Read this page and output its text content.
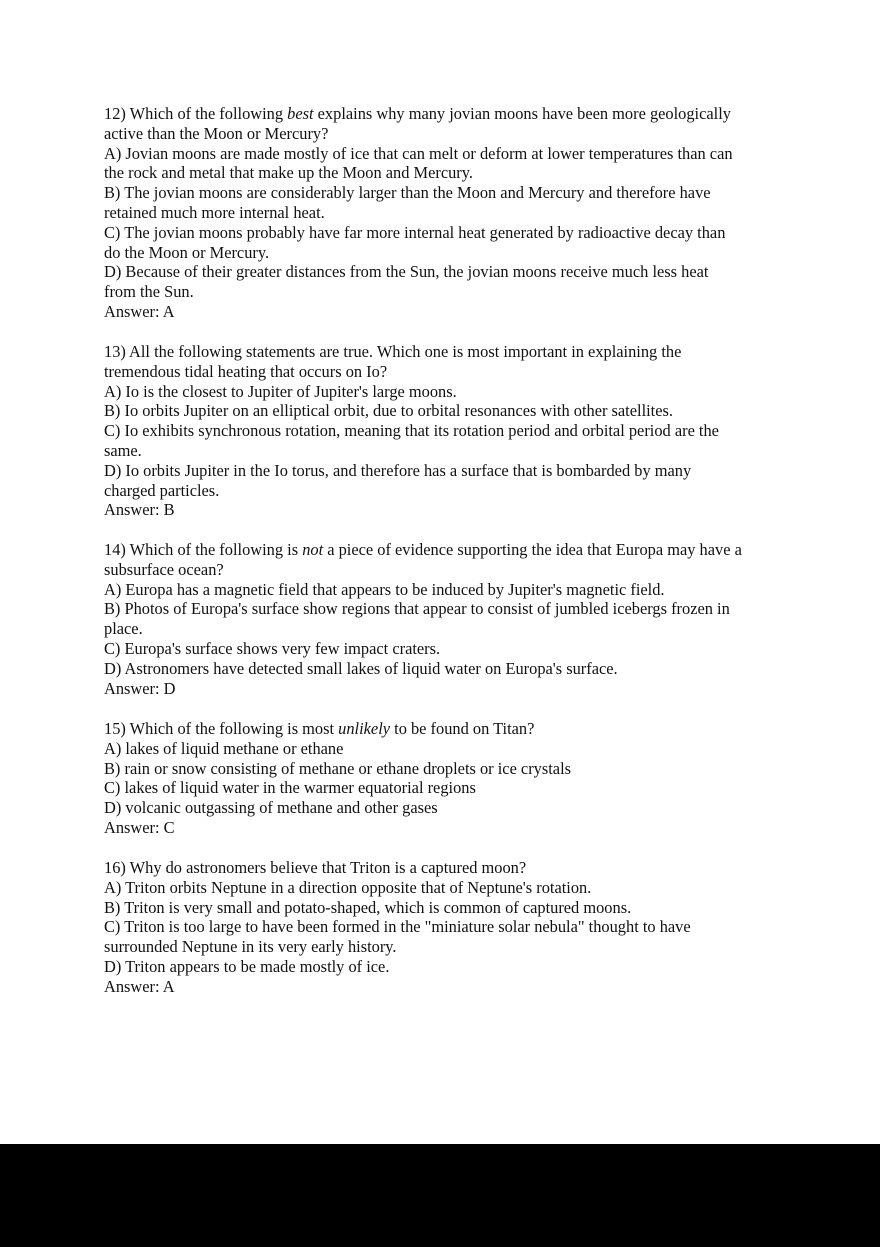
12) Which of the following best explains why many jovian moons have been more geologically
active than the Moon or Mercury?
A) Jovian moons are made mostly of ice that can melt or deform at lower temperatures than can
the rock and metal that make up the Moon and Mercury.
B) The jovian moons are considerably larger than the Moon and Mercury and therefore have
retained much more internal heat.
C) The jovian moons probably have far more internal heat generated by radioactive decay than
do the Moon or Mercury.
D) Because of their greater distances from the Sun, the jovian moons receive much less heat
from the Sun.
Answer: A
13) All the following statements are true. Which one is most important in explaining the
tremendous tidal heating that occurs on Io?
A) Io is the closest to Jupiter of Jupiter's large moons.
B) Io orbits Jupiter on an elliptical orbit, due to orbital resonances with other satellites.
C) Io exhibits synchronous rotation, meaning that its rotation period and orbital period are the
same.
D) Io orbits Jupiter in the Io torus, and therefore has a surface that is bombarded by many
charged particles.
Answer: B
14) Which of the following is not a piece of evidence supporting the idea that Europa may have a
subsurface ocean?
A) Europa has a magnetic field that appears to be induced by Jupiter's magnetic field.
B) Photos of Europa's surface show regions that appear to consist of jumbled icebergs frozen in
place.
C) Europa's surface shows very few impact craters.
D) Astronomers have detected small lakes of liquid water on Europa's surface.
Answer: D
15) Which of the following is most unlikely to be found on Titan?
A) lakes of liquid methane or ethane
B) rain or snow consisting of methane or ethane droplets or ice crystals
C) lakes of liquid water in the warmer equatorial regions
D) volcanic outgassing of methane and other gases
Answer: C
16) Why do astronomers believe that Triton is a captured moon?
A) Triton orbits Neptune in a direction opposite that of Neptune's rotation.
B) Triton is very small and potato-shaped, which is common of captured moons.
C) Triton is too large to have been formed in the "miniature solar nebula" thought to have
surrounded Neptune in its very early history.
D) Triton appears to be made mostly of ice.
Answer: A
